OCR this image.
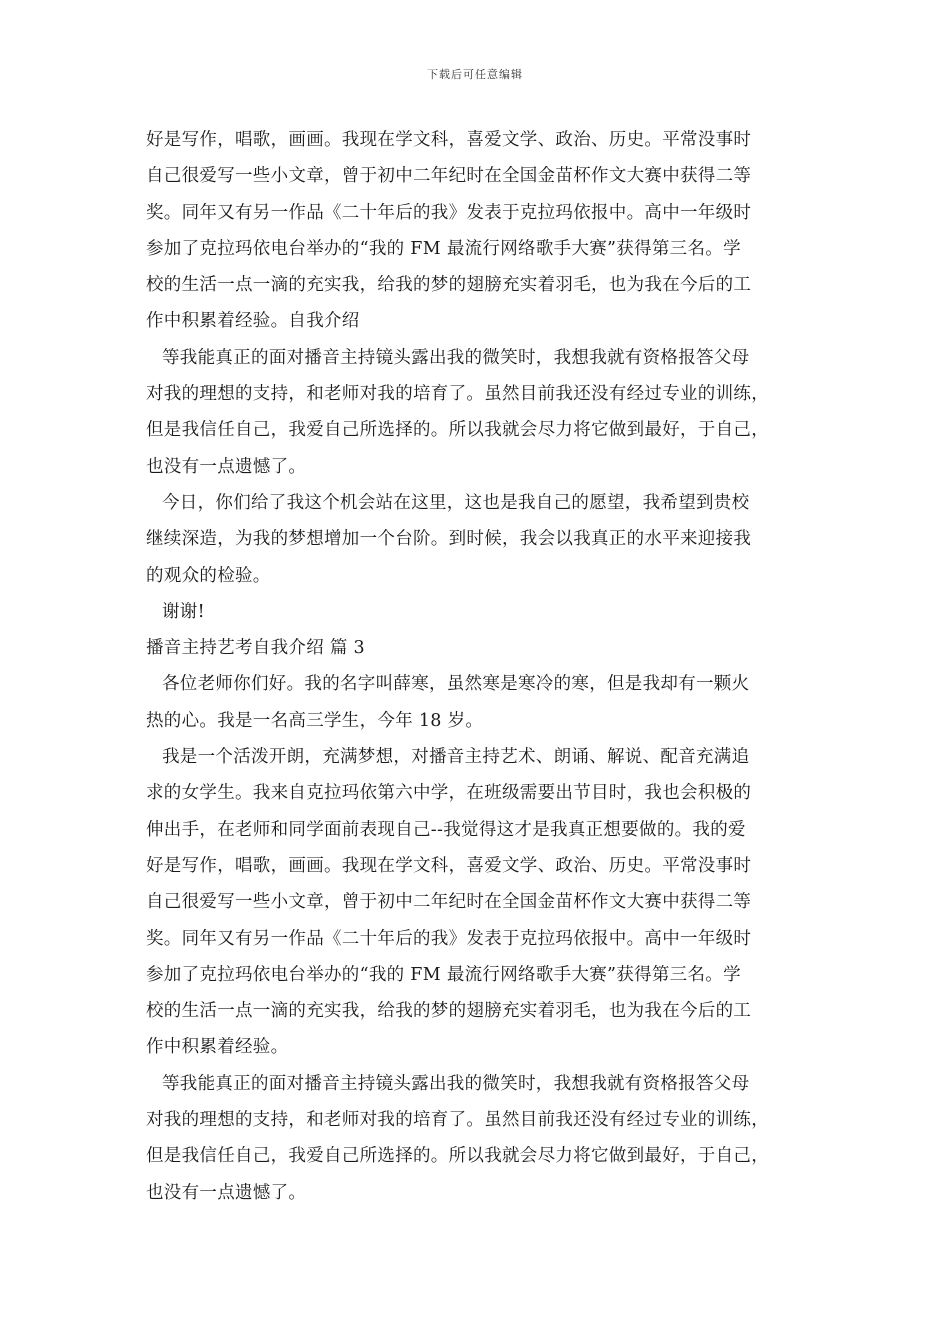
下载后可任意编辑
好是写作，唱歌，画画。我现在学文科，喜爱文学、政治、历史。平常没事时
自己很爱写一些小文章，曾于初中二年纪时在全国金苗杯作文大赛中获得二等
奖。同年又有另一作品《二十年后的我》发表于克拉玛依报中。高中一年级时
参加了克拉玛依电台举办的“我的 FM 最流行网络歌手大赛”获得第三名。学
校的生活一点一滴的充实我，给我的梦的翅膀充实着羽毛，也为我在今后的工
作中积累着经验。自我介绍
等我能真正的面对播音主持镜头露出我的微笑时，我想我就有资格报答父母
对我的理想的支持，和老师对我的培育了。虽然目前我还没有经过专业的训练，
但是我信任自己，我爱自己所选择的。所以我就会尽力将它做到最好，于自己，
也没有一点遗憾了。
今日，你们给了我这个机会站在这里，这也是我自己的愿望，我希望到贵校
继续深造，为我的梦想增加一个台阶。到时候，我会以我真正的水平来迎接我
的观众的检验。
谢谢!
播音主持艺考自我介绍 篇 3
各位老师你们好。我的名字叫薛寒，虽然寒是寒冷的寒，但是我却有一颗火
热的心。我是一名高三学生，今年 18 岁。
我是一个活泼开朗，充满梦想，对播音主持艺术、朗诵、解说、配音充满追
求的女学生。我来自克拉玛依第六中学，在班级需要出节目时，我也会积极的
伸出手，在老师和同学面前表现自己--我觉得这才是我真正想要做的。我的爱
好是写作，唱歌，画画。我现在学文科，喜爱文学、政治、历史。平常没事时
自己很爱写一些小文章，曾于初中二年纪时在全国金苗杯作文大赛中获得二等
奖。同年又有另一作品《二十年后的我》发表于克拉玛依报中。高中一年级时
参加了克拉玛依电台举办的“我的 FM 最流行网络歌手大赛”获得第三名。学
校的生活一点一滴的充实我，给我的梦的翅膀充实着羽毛，也为我在今后的工
作中积累着经验。
等我能真正的面对播音主持镜头露出我的微笑时，我想我就有资格报答父母
对我的理想的支持，和老师对我的培育了。虽然目前我还没有经过专业的训练，
但是我信任自己，我爱自己所选择的。所以我就会尽力将它做到最好，于自己，
也没有一点遗憾了。
